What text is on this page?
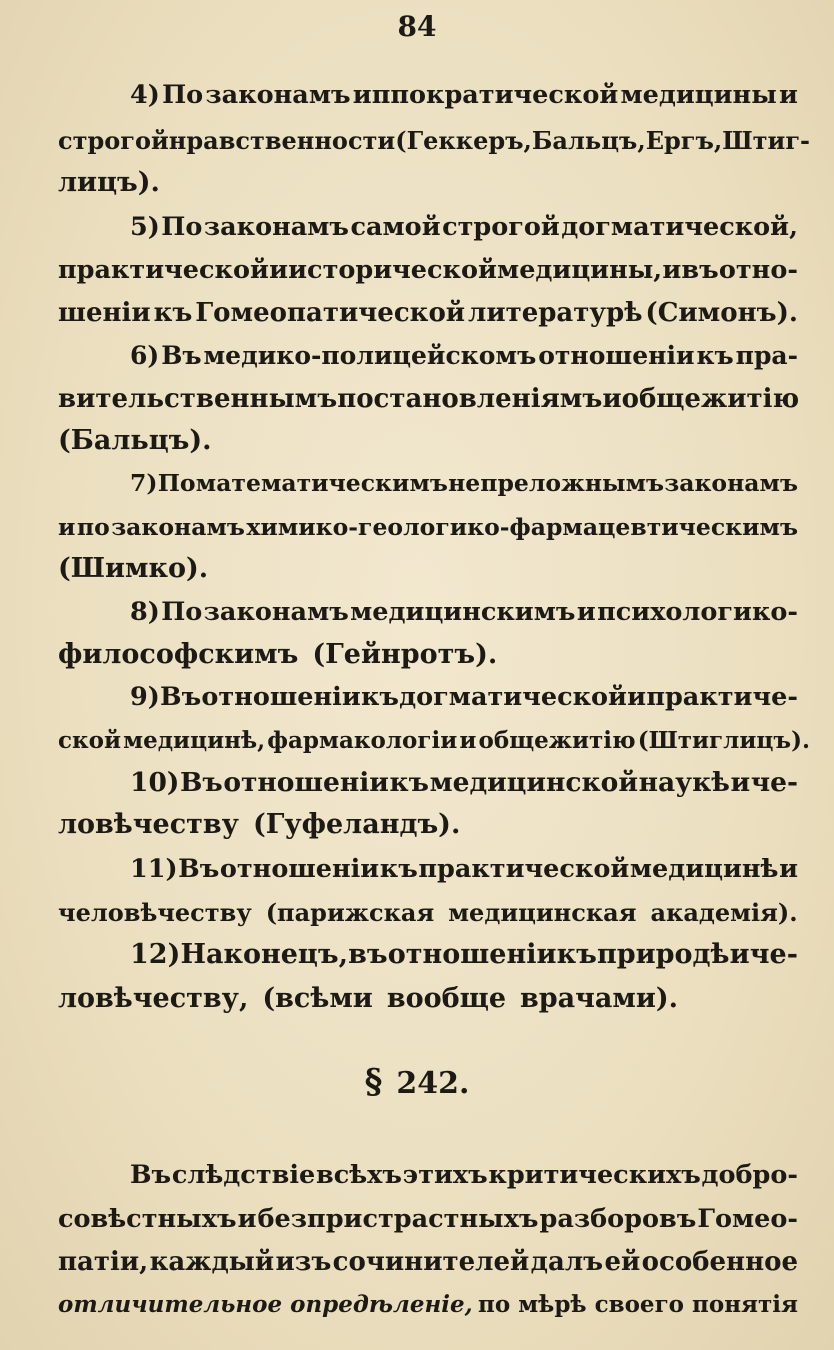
84
4) По законамъ иппократической медицины и
строгой нравственности (Геккеръ, Бальцъ, Ергъ, Штиг-
лицъ).
5) По законамъ самой строгой догматической,
практической и исторической медицины, и въ отно-
шеніи къ Гомеопатической литературѣ (Симонъ).
6) Въ медико-полицейскомъ отношеніи къ пра-
вительственнымъ постановленіямъ и общежитію
(Бальцъ).
7) По математическимъ непреложнымъ законамъ
и по законамъ химико-геологико-фармацевтическимъ
(Шимко).
8) По законамъ медицинскимъ и психологико-
философскимъ (Гейнротъ).
9) Въ отношеніи къ догматической и практиче-
ской медицинѣ, фармакологіи и общежитію (Штиглицъ).
10) Въ отношеніи къ медицинской наукѣ и че-
ловѣчеству (Гуфеландъ).
11) Въ отношеніи къ практической медицинѣ и
человѣчеству (парижская медицинская академія).
12) Наконецъ, въ отношеніи къ природѣ и че-
ловѣчеству, (всѣми вообще врачами).
§ 242.
Въ слѣдствіе всѣхъ этихъ критическихъ добро-
совѣстныхъ и безпристрастныхъ разборовъ Гомео-
патіи, каждый изъ сочинителей далъ ей особенное
отличительное опредѣленіе, по мѣрѣ своего понятія
